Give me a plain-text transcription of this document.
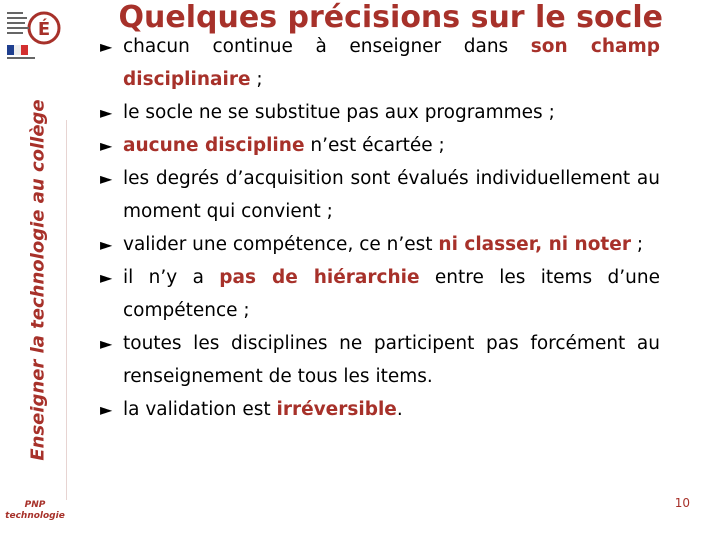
É
Enseigner la technologie au collège
PNP
technologie
Quelques précisions sur le socle

► chacun continue à enseigner dans son champ disciplinaire ;

► le socle ne se substitue pas aux programmes ;

► aucune discipline n’est écartée ;

► les degrés d’acquisition sont évalués individuellement au moment qui convient ;

► valider une compétence, ce n’est ni classer, ni noter ;

► il n’y a pas de hiérarchie entre les items d’une compétence ;

► toutes les disciplines ne participent pas forcément au renseignement de tous les items.

► la validation est irréversible.

10
